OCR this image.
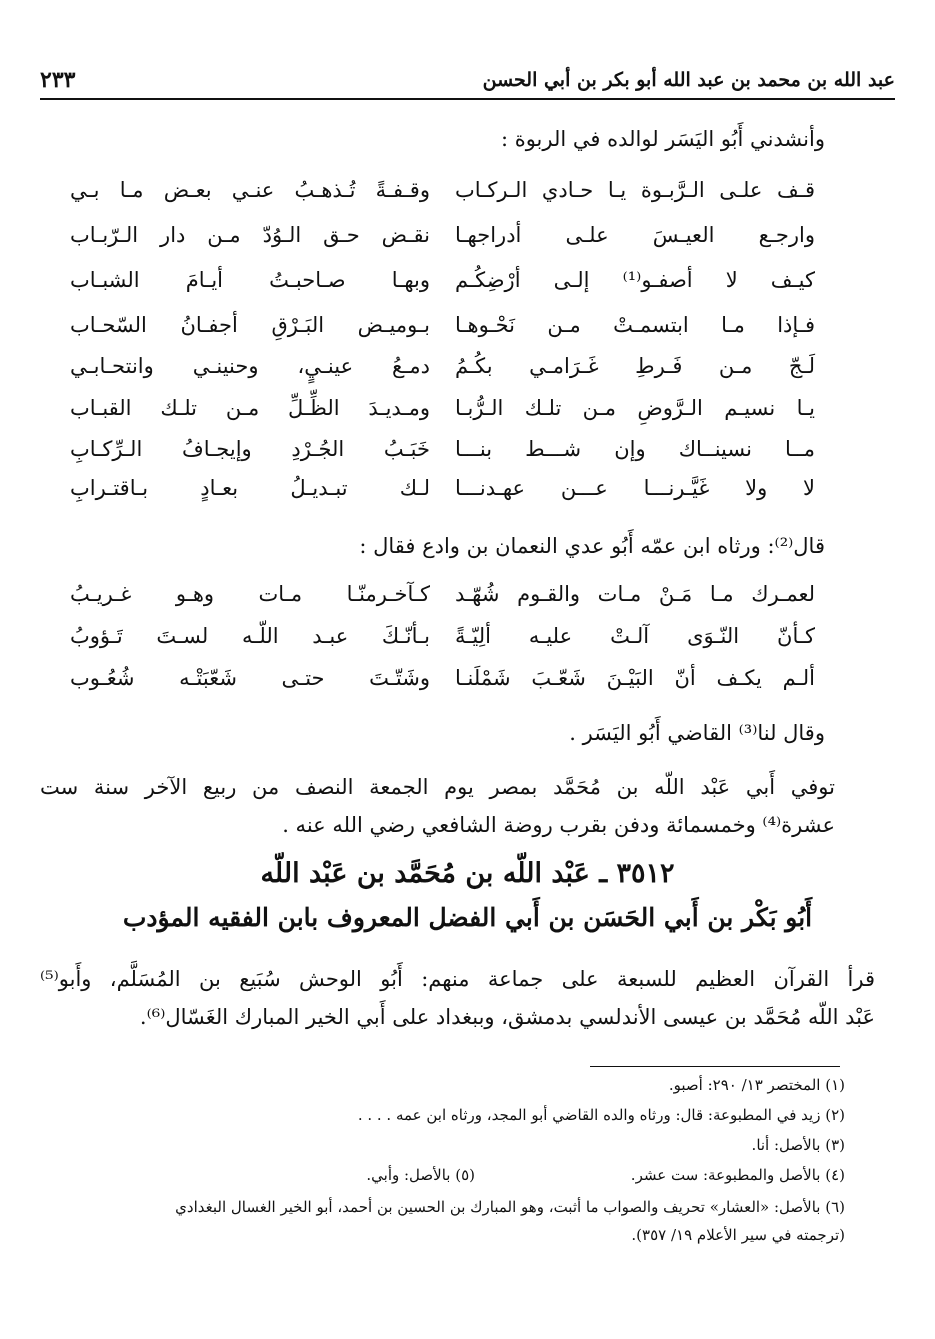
عبد الله بن محمد بن عبد الله أبو بكر بن أبي الحسن
٢٣٣
وأنشدني أَبُو اليَسَر لوالده في الربوة :
قـف علـى الـرَّبـوة يـا حـادي الـركـاب
وقـفـةً تُـذهـبُ عنـي بعـض مـا بـي
وارجـع العيـسَ علـى أدراجهـا
نقـض حـق الـوُدّ مـن دار الـرّبـاب
كيـف لا أصفـو⁽¹⁾ إلـى أرْضِكُـم
وبهـا صـاحبـتُ أيـامَ الشبـاب
فـإذا مـا ابتسمـتْ مـن نَحْـوهـا
بـوميـض البَـرْقِ أجفـانُ السّحـاب
لَـجّ مـن فَـرطِ غَـرَامـي بكُـمُ
دمـعُ عينـيٍ، وحنينـي وانتحـابـي
يـا نسيـم الـرَّوضِ مـن تلـك الـرُّبـا
ومـديـدَ الظِّـلِّ مـن تلـك القبـاب
مــا نسينــاك وإن شـــط بنـــا
خَبَـبُ الجُـرْدِ وإيجـافُ الـرِّكـابِ
لا ولا غَيَّـرنـــا عـــن عهـدنـــا
لـك تبـديـلُ بعـادٍ بـاقتـرابِ
قال⁽²⁾: ورثاه ابن عمّه أَبُو عدي النعمان بن وادع فقال :
لعمـرك مـا مَـنْ مـات والقـوم شُهّـد
كـآخـرمنّـا مـات وهـو غـريـبُ
كـأنّ النّـوَى آلـتْ عليـه ألِيّـةً
بـأنّـكَ عبـد اللّـه لسـتَ تَـؤوبُ
ألـم يكـف أنّ البَيْـنَ شَعّـبَ شَمْلَنـا
وشَتّـتَ حتـى شَعّبَتْـه شُعُـوب
وقال لنا⁽³⁾ القاضي أَبُو اليَسَر .
توفي أَبي عَبْد اللّه بن مُحَمَّد بمصر يوم الجمعة النصف من ربيع الآخر سنة ست
عشرة⁽⁴⁾ وخمسمائة ودفن بقرب روضة الشافعي رضي الله عنه .
٣٥١٢ ـ عَبْد اللّه بن مُحَمَّد بن عَبْد اللّه
أَبُو بَكْر بن أَبي الحَسَن بن أَبي الفضل المعروف بابن الفقيه المؤدب
قرأ القرآن العظيم للسبعة على جماعة منهم: أَبُو الوحش سُبَيع بن المُسَلَّم، وأَبو⁽⁵⁾
عَبْد اللّه مُحَمَّد بن عيسى الأندلسي بدمشق، وببغداد على أَبي الخير المبارك الغَسّال⁽⁶⁾.
(١) المختصر ١٣/ ٢٩٠: أصبو.
(٢) زيد في المطبوعة: قال: ورثاه والده القاضي أبو المجد، ورثاه ابن عمه . . . .
(٣) بالأصل: أنا.
(٤) بالأصل والمطبوعة: ست عشر.
(٥) بالأصل: وأبي.
(٦) بالأصل: «العشار» تحريف والصواب ما أثبت، وهو المبارك بن الحسين بن أحمد، أبو الخير الغسال البغدادي
(ترجمته في سير الأعلام ١٩/ ٣٥٧).
